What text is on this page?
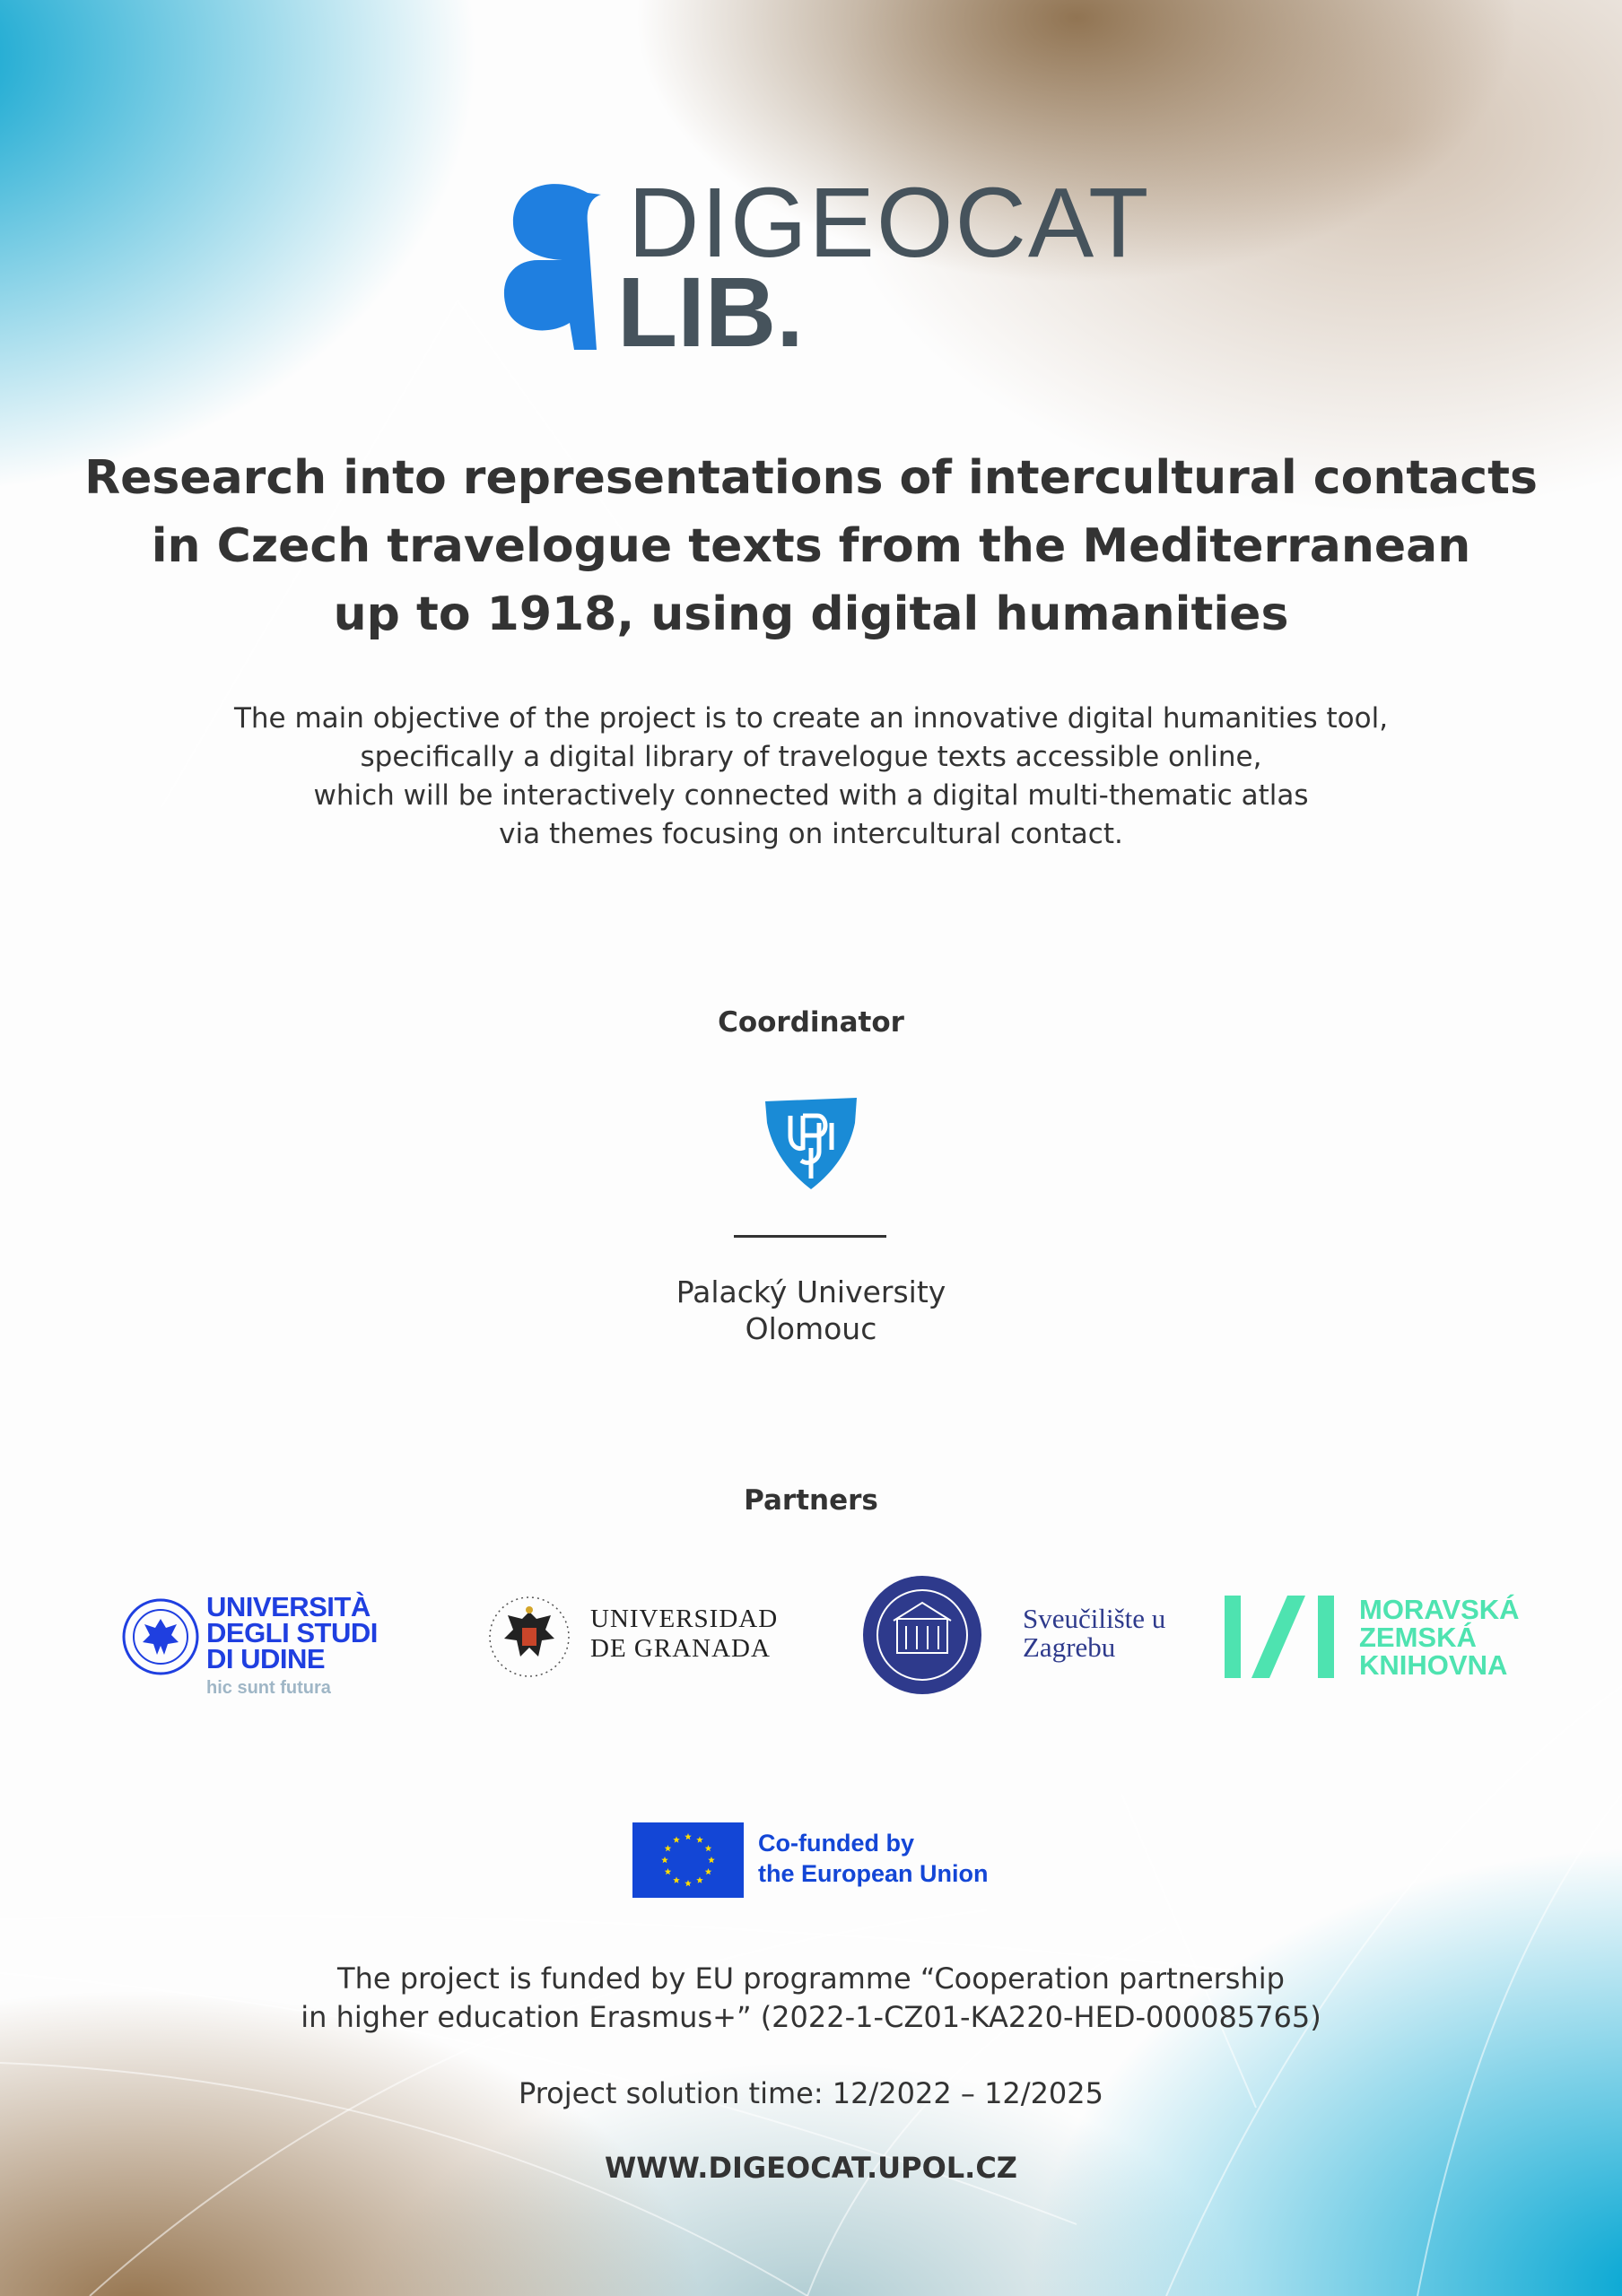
DIGEOCAT
LIB.
Research into representations of intercultural contacts
in Czech travelogue texts from the Mediterranean
up to 1918, using digital humanities
The main objective of the project is to create an innovative digital humanities tool,
specifically a digital library of travelogue texts accessible online,
which will be interactively connected with a digital multi-thematic atlas
via themes focusing on intercultural contact.
Coordinator
Palacký University
Olomouc
Partners
UNIVERSITÀ
DEGLI STUDI
DI UDINE
hic sunt futura
UNIVERSIDAD
DE GRANADA
Sveučilište u
Zagrebu
MORAVSKÁ
ZEMSKÁ
KNIHOVNA
Co-funded by
the European Union
The project is funded by EU programme “Cooperation partnership
in higher education Erasmus+” (2022-1-CZ01-KA220-HED-000085765)
Project solution time: 12/2022 – 12/2025
WWW.DIGEOCAT.UPOL.CZ
